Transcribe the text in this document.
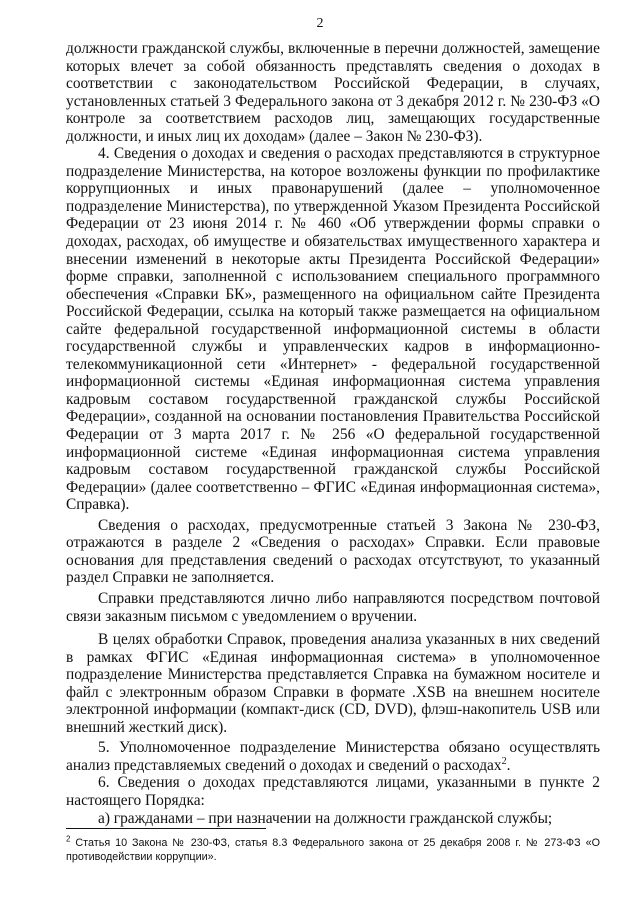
2

должности гражданской службы, включенные в перечни должностей, замещение которых влечет за собой обязанность представлять сведения о доходах в соответствии с законодательством Российской Федерации, в случаях, установленных статьей 3 Федерального закона от 3 декабря 2012 г. № 230-ФЗ «О контроле за соответствием расходов лиц, замещающих государственные должности, и иных лиц их доходам» (далее – Закон № 230-ФЗ).

4. Сведения о доходах и сведения о расходах представляются в структурное подразделение Министерства, на которое возложены функции по профилактике коррупционных и иных правонарушений (далее – уполномоченное подразделение Министерства), по утвержденной Указом Президента Российской Федерации от 23 июня 2014 г. № 460 «Об утверждении формы справки о доходах, расходах, об имуществе и обязательствах имущественного характера и внесении изменений в некоторые акты Президента Российской Федерации» форме справки, заполненной с использованием специального программного обеспечения «Справки БК», размещенного на официальном сайте Президента Российской Федерации, ссылка на который также размещается на официальном сайте федеральной государственной информационной системы в области государственной службы и управленческих кадров в информационно-телекоммуникационной сети «Интернет» - федеральной государственной информационной системы «Единая информационная система управления кадровым составом государственной гражданской службы Российской Федерации», созданной на основании постановления Правительства Российской Федерации от 3 марта 2017 г. № 256 «О федеральной государственной информационной системе «Единая информационная система управления кадровым составом государственной гражданской службы Российской Федерации» (далее соответственно – ФГИС «Единая информационная система», Справка).

Сведения о расходах, предусмотренные статьей 3 Закона № 230-ФЗ, отражаются в разделе 2 «Сведения о расходах» Справки. Если правовые основания для представления сведений о расходах отсутствуют, то указанный раздел Справки не заполняется.

Справки представляются лично либо направляются посредством почтовой связи заказным письмом с уведомлением о вручении.

В целях обработки Справок, проведения анализа указанных в них сведений в рамках ФГИС «Единая информационная система» в уполномоченное подразделение Министерства представляется Справка на бумажном носителе и файл с электронным образом Справки в формате .XSB на внешнем носителе электронной информации (компакт-диск (CD, DVD), флэш-накопитель USB или внешний жесткий диск).

5. Уполномоченное подразделение Министерства обязано осуществлять анализ представляемых сведений о доходах и сведений о расходах$^2$.

6. Сведения о доходах представляются лицами, указанными в пункте 2 настоящего Порядка:

а) гражданами – при назначении на должности гражданской службы;

$^2$ Статья 10 Закона № 230-ФЗ, статья 8.3 Федерального закона от 25 декабря 2008 г. № 273-ФЗ «О противодействии коррупции».
